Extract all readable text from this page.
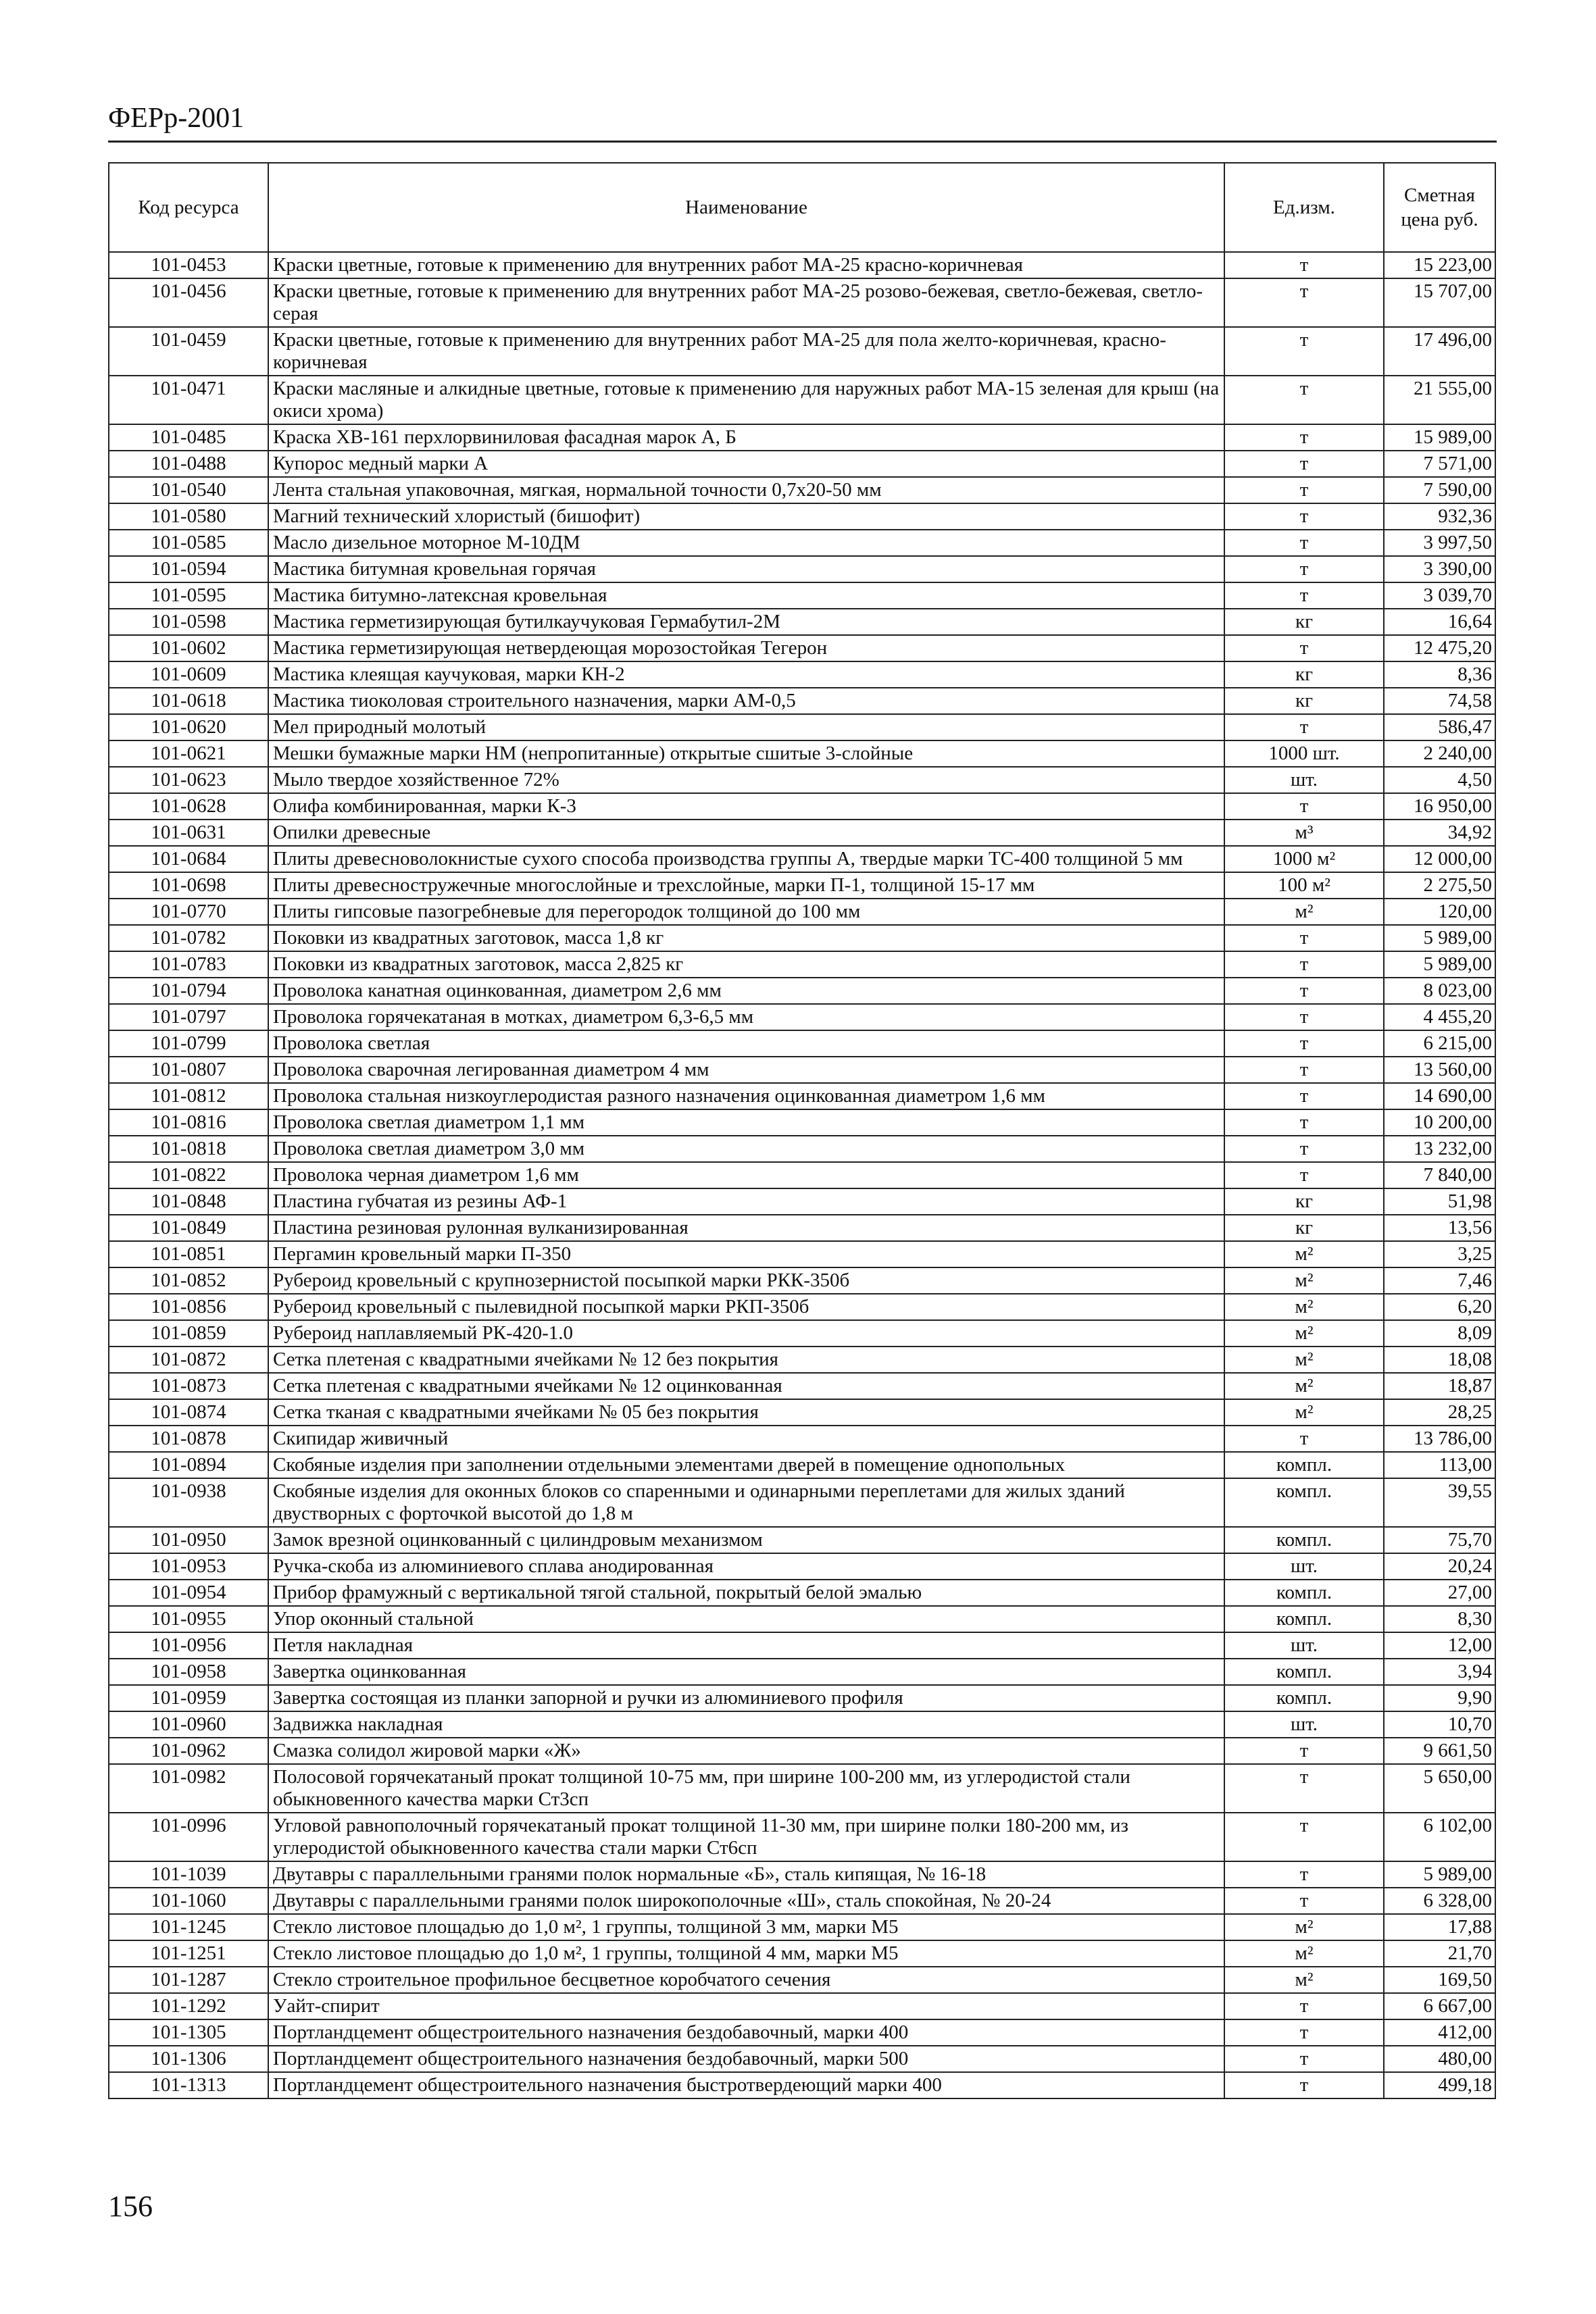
ФЕРр-2001
Код ресурса	Наименование	Ед.изм.	Сметная цена руб.
101-0453	Краски цветные, готовые к применению для внутренних работ МА-25 красно-коричневая	т	15 223,00
101-0456	Краски цветные, готовые к применению для внутренних работ МА-25 розово-бежевая, светло-бежевая, светло-серая	т	15 707,00
101-0459	Краски цветные, готовые к применению для внутренних работ МА-25 для пола желто-коричневая, красно-коричневая	т	17 496,00
101-0471	Краски масляные и алкидные цветные, готовые к применению для наружных работ МА-15 зеленая для крыш (на окиси хрома)	т	21 555,00
101-0485	Краска ХВ-161 перхлорвиниловая фасадная марок А, Б	т	15 989,00
101-0488	Купорос медный марки А	т	7 571,00
101-0540	Лента стальная упаковочная, мягкая, нормальной точности 0,7х20-50 мм	т	7 590,00
101-0580	Магний технический хлористый (бишофит)	т	932,36
101-0585	Масло дизельное моторное М-10ДМ	т	3 997,50
101-0594	Мастика битумная кровельная горячая	т	3 390,00
101-0595	Мастика битумно-латексная кровельная	т	3 039,70
101-0598	Мастика герметизирующая бутилкаучуковая Гермабутил-2М	кг	16,64
101-0602	Мастика герметизирующая нетвердеющая морозостойкая Тегерон	т	12 475,20
101-0609	Мастика клеящая каучуковая, марки КН-2	кг	8,36
101-0618	Мастика тиоколовая строительного назначения, марки АМ-0,5	кг	74,58
101-0620	Мел природный молотый	т	586,47
101-0621	Мешки бумажные марки НМ (непропитанные) открытые сшитые 3-слойные	1000 шт.	2 240,00
101-0623	Мыло твердое хозяйственное 72%	шт.	4,50
101-0628	Олифа комбинированная, марки К-3	т	16 950,00
101-0631	Опилки древесные	м³	34,92
101-0684	Плиты древесноволокнистые сухого способа производства группы А, твердые марки ТС-400 толщиной 5 мм	1000 м²	12 000,00
101-0698	Плиты древесностружечные многослойные и трехслойные, марки П-1, толщиной 15-17 мм	100 м²	2 275,50
101-0770	Плиты гипсовые пазогребневые для перегородок толщиной до 100 мм	м²	120,00
101-0782	Поковки из квадратных заготовок, масса 1,8 кг	т	5 989,00
101-0783	Поковки из квадратных заготовок, масса 2,825 кг	т	5 989,00
101-0794	Проволока канатная оцинкованная, диаметром 2,6 мм	т	8 023,00
101-0797	Проволока горячекатаная в мотках, диаметром 6,3-6,5 мм	т	4 455,20
101-0799	Проволока светлая	т	6 215,00
101-0807	Проволока сварочная легированная диаметром 4 мм	т	13 560,00
101-0812	Проволока стальная низкоуглеродистая разного назначения оцинкованная диаметром 1,6 мм	т	14 690,00
101-0816	Проволока светлая диаметром 1,1 мм	т	10 200,00
101-0818	Проволока светлая диаметром 3,0 мм	т	13 232,00
101-0822	Проволока черная диаметром 1,6 мм	т	7 840,00
101-0848	Пластина губчатая из резины АФ-1	кг	51,98
101-0849	Пластина резиновая рулонная вулканизированная	кг	13,56
101-0851	Пергамин кровельный марки П-350	м²	3,25
101-0852	Рубероид кровельный с крупнозернистой посыпкой марки РКК-350б	м²	7,46
101-0856	Рубероид кровельный с пылевидной посыпкой марки РКП-350б	м²	6,20
101-0859	Рубероид наплавляемый РК-420-1.0	м²	8,09
101-0872	Сетка плетеная с квадратными ячейками № 12 без покрытия	м²	18,08
101-0873	Сетка плетеная с квадратными ячейками № 12 оцинкованная	м²	18,87
101-0874	Сетка тканая с квадратными ячейками № 05 без покрытия	м²	28,25
101-0878	Скипидар живичный	т	13 786,00
101-0894	Скобяные изделия при заполнении отдельными элементами дверей в помещение однопольных	компл.	113,00
101-0938	Скобяные изделия для оконных блоков со спаренными и одинарными переплетами для жилых зданий двустворных с форточкой высотой до 1,8 м	компл.	39,55
101-0950	Замок врезной оцинкованный с цилиндровым механизмом	компл.	75,70
101-0953	Ручка-скоба из алюминиевого сплава анодированная	шт.	20,24
101-0954	Прибор фрамужный с вертикальной тягой стальной, покрытый белой эмалью	компл.	27,00
101-0955	Упор оконный стальной	компл.	8,30
101-0956	Петля накладная	шт.	12,00
101-0958	Завертка оцинкованная	компл.	3,94
101-0959	Завертка состоящая из планки запорной и ручки из алюминиевого профиля	компл.	9,90
101-0960	Задвижка накладная	шт.	10,70
101-0962	Смазка солидол жировой марки «Ж»	т	9 661,50
101-0982	Полосовой горячекатаный прокат толщиной 10-75 мм, при ширине 100-200 мм, из углеродистой стали обыкновенного качества марки Ст3сп	т	5 650,00
101-0996	Угловой равнополочный горячекатаный прокат толщиной 11-30 мм, при ширине полки 180-200 мм, из углеродистой обыкновенного качества стали марки Ст6сп	т	6 102,00
101-1039	Двутавры с параллельными гранями полок нормальные «Б», сталь кипящая, № 16-18	т	5 989,00
101-1060	Двутавры с параллельными гранями полок широкополочные «Ш», сталь спокойная, № 20-24	т	6 328,00
101-1245	Стекло листовое площадью до 1,0 м², 1 группы, толщиной 3 мм, марки М5	м²	17,88
101-1251	Стекло листовое площадью до 1,0 м², 1 группы, толщиной 4 мм, марки М5	м²	21,70
101-1287	Стекло строительное профильное бесцветное коробчатого сечения	м²	169,50
101-1292	Уайт-спирит	т	6 667,00
101-1305	Портландцемент общестроительного назначения бездобавочный, марки 400	т	412,00
101-1306	Портландцемент общестроительного назначения бездобавочный, марки 500	т	480,00
101-1313	Портландцемент общестроительного назначения быстротвердеющий марки 400	т	499,18
156
